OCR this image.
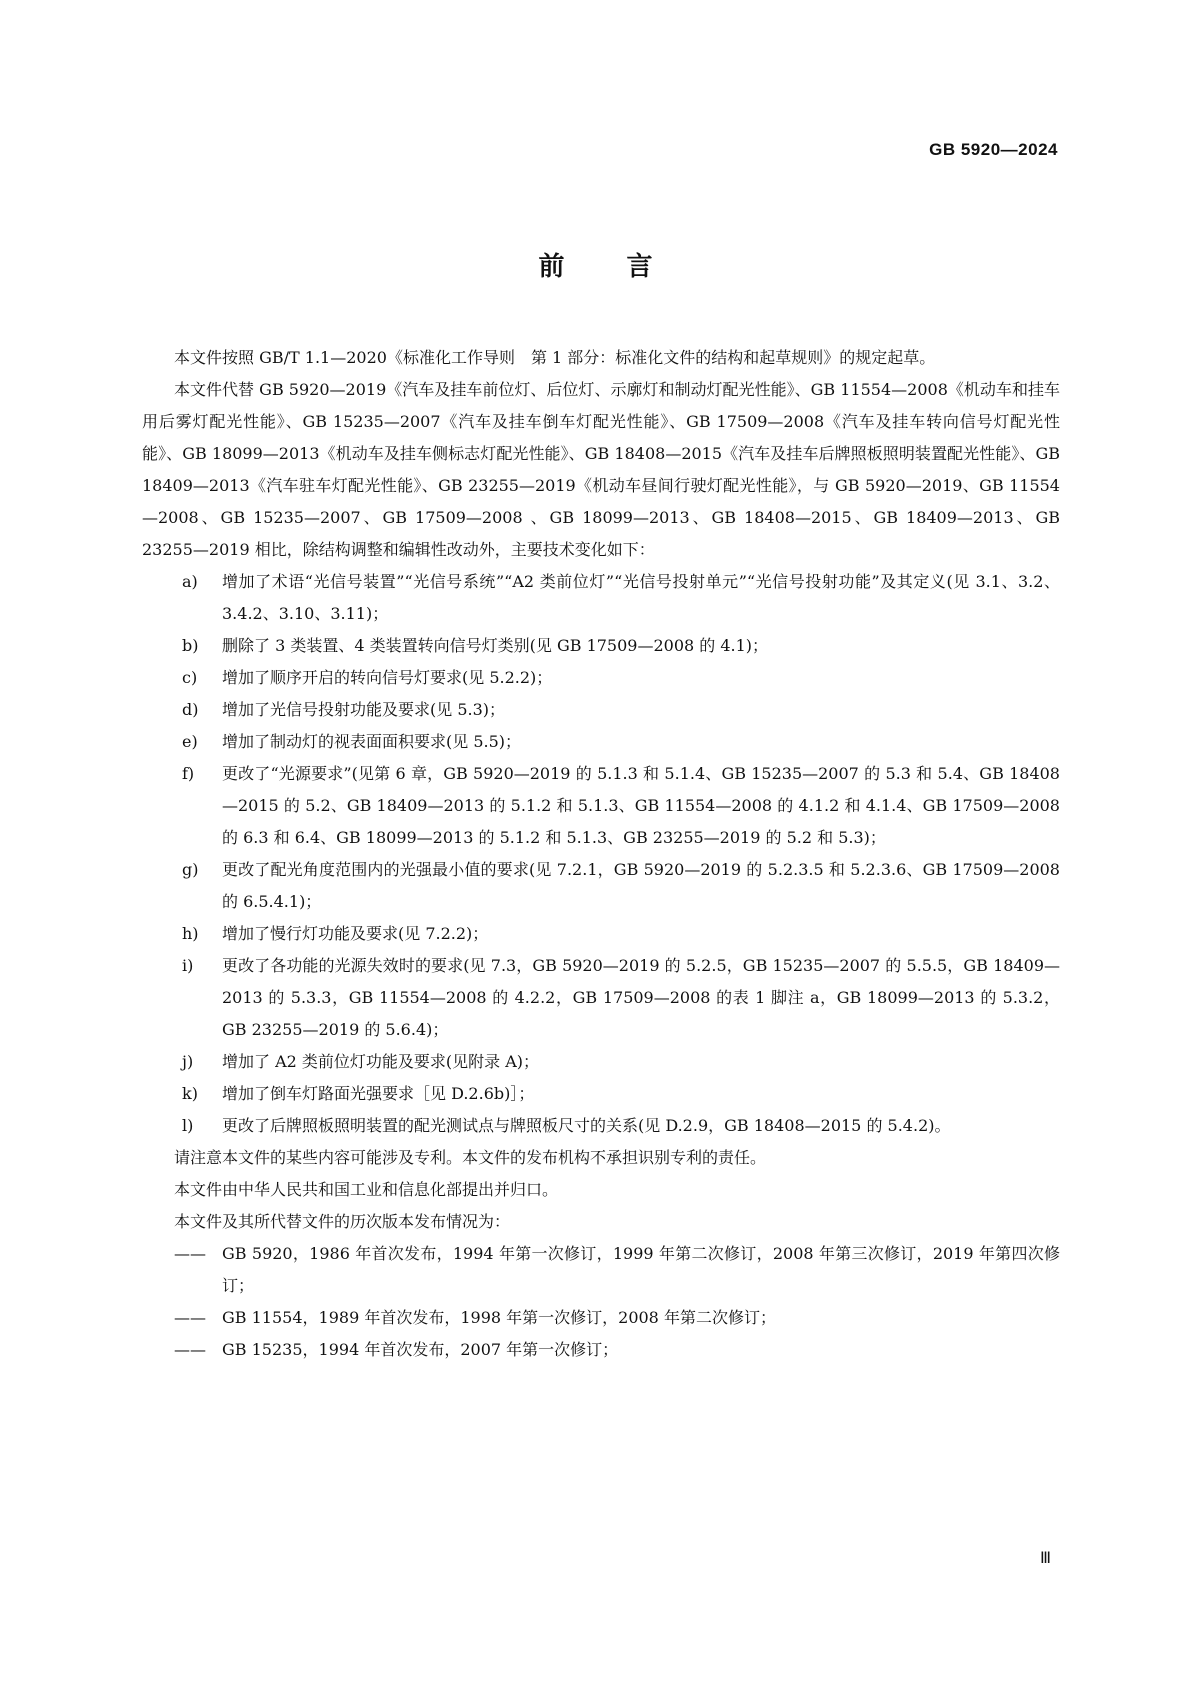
GB 5920—2024
前言

本文件按照 GB/T 1.1—2020《标准化工作导则　第 1 部分：标准化文件的结构和起草规则》的规定起草。

本文件代替 GB 5920—2019《汽车及挂车前位灯、后位灯、示廓灯和制动灯配光性能》、GB 11554—2008《机动车和挂车用后雾灯配光性能》、GB 15235—2007《汽车及挂车倒车灯配光性能》、GB 17509—2008《汽车及挂车转向信号灯配光性能》、GB 18099—2013《机动车及挂车侧标志灯配光性能》、GB 18408—2015《汽车及挂车后牌照板照明装置配光性能》、GB 18409—2013《汽车驻车灯配光性能》、GB 23255—2019《机动车昼间行驶灯配光性能》，与 GB 5920—2019、GB 11554—2008、GB 15235—2007、GB 17509—2008 、GB 18099—2013、GB 18408—2015、GB 18409—2013、GB 23255—2019 相比，除结构调整和编辑性改动外，主要技术变化如下：

a) 增加了术语“光信号装置”“光信号系统”“A2 类前位灯”“光信号投射单元”“光信号投射功能”及其定义(见 3.1、3.2、3.4.2、3.10、3.11)；
b) 删除了 3 类装置、4 类装置转向信号灯类别(见 GB 17509—2008 的 4.1)；
c) 增加了顺序开启的转向信号灯要求(见 5.2.2)；
d) 增加了光信号投射功能及要求(见 5.3)；
e) 增加了制动灯的视表面面积要求(见 5.5)；
f) 更改了“光源要求”(见第 6 章，GB 5920—2019 的 5.1.3 和 5.1.4、GB 15235—2007 的 5.3 和 5.4、GB 18408—2015 的 5.2、GB 18409—2013 的 5.1.2 和 5.1.3、GB 11554—2008 的 4.1.2 和 4.1.4、GB 17509—2008 的 6.3 和 6.4、GB 18099—2013 的 5.1.2 和 5.1.3、GB 23255—2019 的 5.2 和 5.3)；
g) 更改了配光角度范围内的光强最小值的要求(见 7.2.1，GB 5920—2019 的 5.2.3.5 和 5.2.3.6、GB 17509—2008 的 6.5.4.1)；
h) 增加了慢行灯功能及要求(见 7.2.2)；
i) 更改了各功能的光源失效时的要求(见 7.3，GB 5920—2019 的 5.2.5，GB 15235—2007 的 5.5.5，GB 18409—2013 的 5.3.3，GB 11554—2008 的 4.2.2，GB 17509—2008 的表 1 脚注 a，GB 18099—2013 的 5.3.2，GB 23255—2019 的 5.6.4)；
j) 增加了 A2 类前位灯功能及要求(见附录 A)；
k) 增加了倒车灯路面光强要求［见 D.2.6b)］；
l) 更改了后牌照板照明装置的配光测试点与牌照板尺寸的关系(见 D.2.9，GB 18408—2015 的 5.4.2)。

请注意本文件的某些内容可能涉及专利。本文件的发布机构不承担识别专利的责任。

本文件由中华人民共和国工业和信息化部提出并归口。

本文件及其所代替文件的历次版本发布情况为：

—— GB 5920，1986 年首次发布，1994 年第一次修订，1999 年第二次修订，2008 年第三次修订，2019 年第四次修订；
—— GB 11554，1989 年首次发布，1998 年第一次修订，2008 年第二次修订；
—— GB 15235，1994 年首次发布，2007 年第一次修订；
Ⅲ
